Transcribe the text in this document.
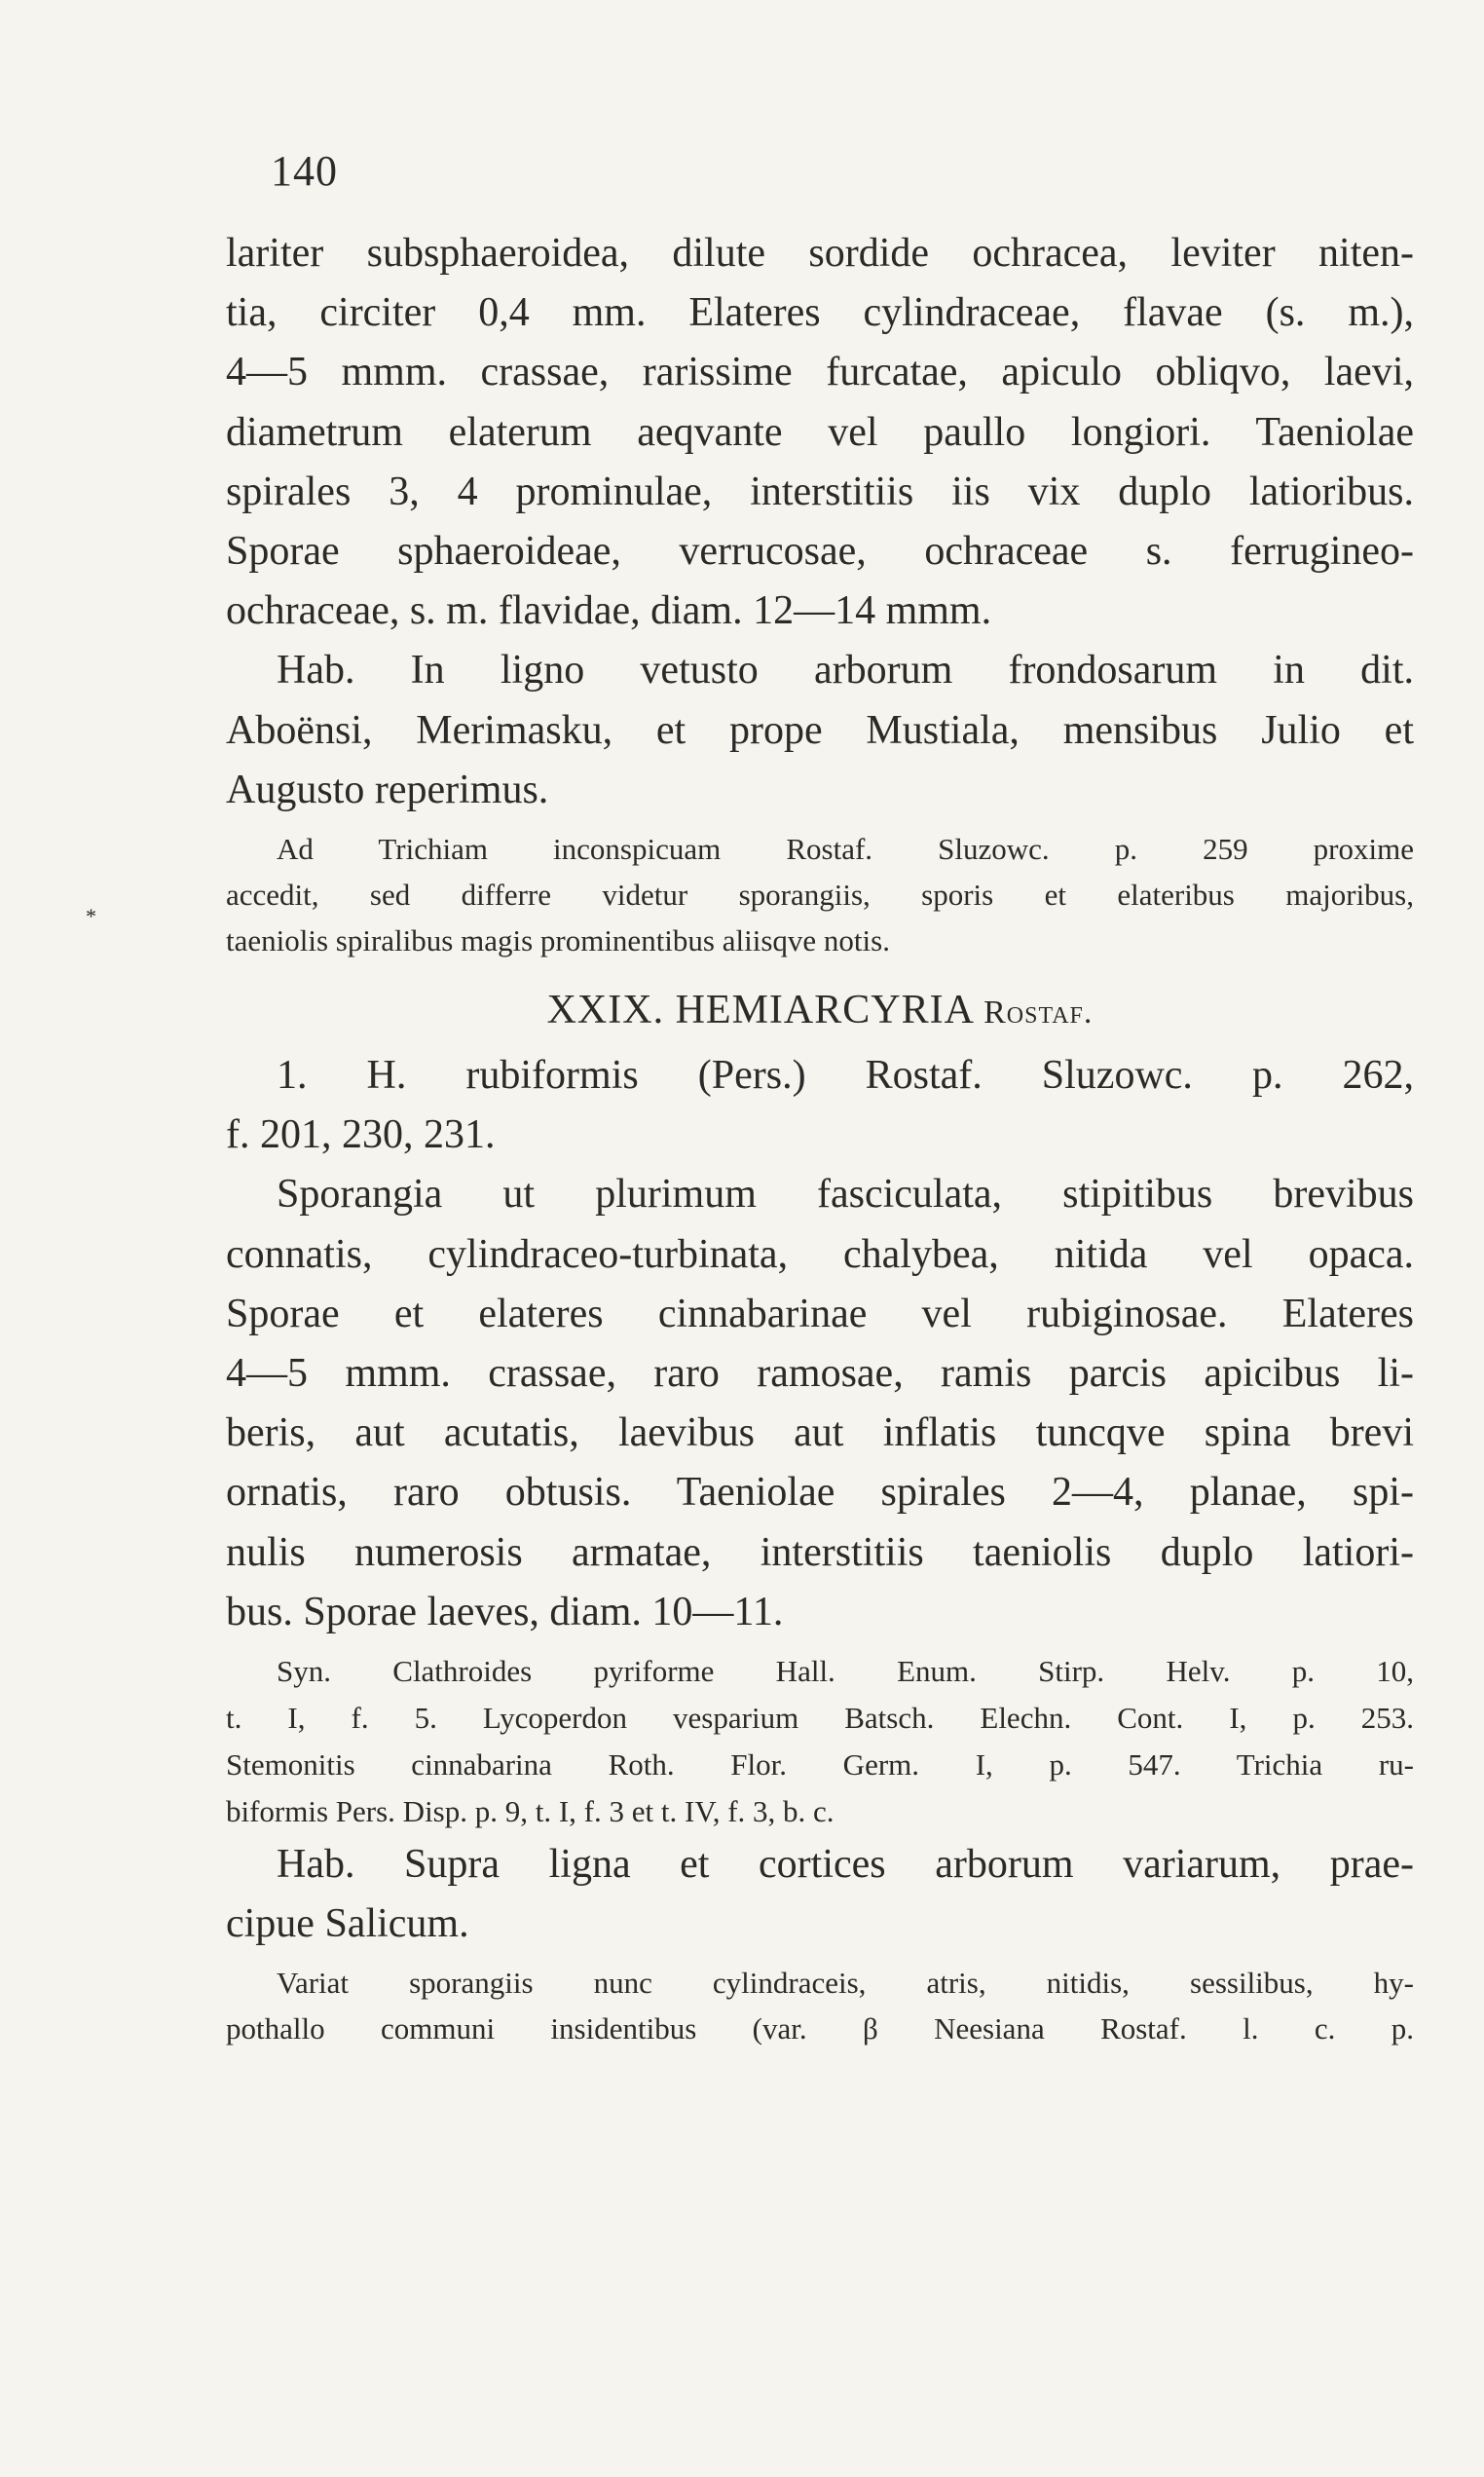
140
*
lariter subsphaeroidea, dilute sordide ochracea, leviter niten-
tia, circiter 0,4 mm. Elateres cylindraceae, flavae (s. m.),
4—5 mmm. crassae, rarissime furcatae, apiculo obliqvo, laevi,
diametrum elaterum aeqvante vel paullo longiori. Taeniolae
spirales 3, 4 prominulae, interstitiis iis vix duplo latioribus.
Sporae sphaeroideae, verrucosae, ochraceae s. ferrugineo-
ochraceae, s. m. flavidae, diam. 12—14 mmm.
Hab. In ligno vetusto arborum frondosarum in dit.
Aboënsi, Merimasku, et prope Mustiala, mensibus Julio et
Augusto reperimus.
Ad Trichiam inconspicuam Rostaf. Sluzowc. p. 259 proxime
accedit, sed differre videtur sporangiis, sporis et elateribus majoribus,
taeniolis spiralibus magis prominentibus aliisqve notis.
XXIX. HEMIARCYRIA Rostaf.
1. H. rubiformis (Pers.) Rostaf. Sluzowc. p. 262,
f. 201, 230, 231.
Sporangia ut plurimum fasciculata, stipitibus brevibus
connatis, cylindraceo-turbinata, chalybea, nitida vel opaca.
Sporae et elateres cinnabarinae vel rubiginosae. Elateres
4—5 mmm. crassae, raro ramosae, ramis parcis apicibus li-
beris, aut acutatis, laevibus aut inflatis tuncqve spina brevi
ornatis, raro obtusis. Taeniolae spirales 2—4, planae, spi-
nulis numerosis armatae, interstitiis taeniolis duplo latiori-
bus. Sporae laeves, diam. 10—11.
Syn. Clathroides pyriforme Hall. Enum. Stirp. Helv. p. 10,
t. I, f. 5. Lycoperdon vesparium Batsch. Elechn. Cont. I, p. 253.
Stemonitis cinnabarina Roth. Flor. Germ. I, p. 547. Trichia ru-
biformis Pers. Disp. p. 9, t. I, f. 3 et t. IV, f. 3, b. c.
Hab. Supra ligna et cortices arborum variarum, prae-
cipue Salicum.
Variat sporangiis nunc cylindraceis, atris, nitidis, sessilibus, hy-
pothallo communi insidentibus (var. β Neesiana Rostaf. l. c. p.
